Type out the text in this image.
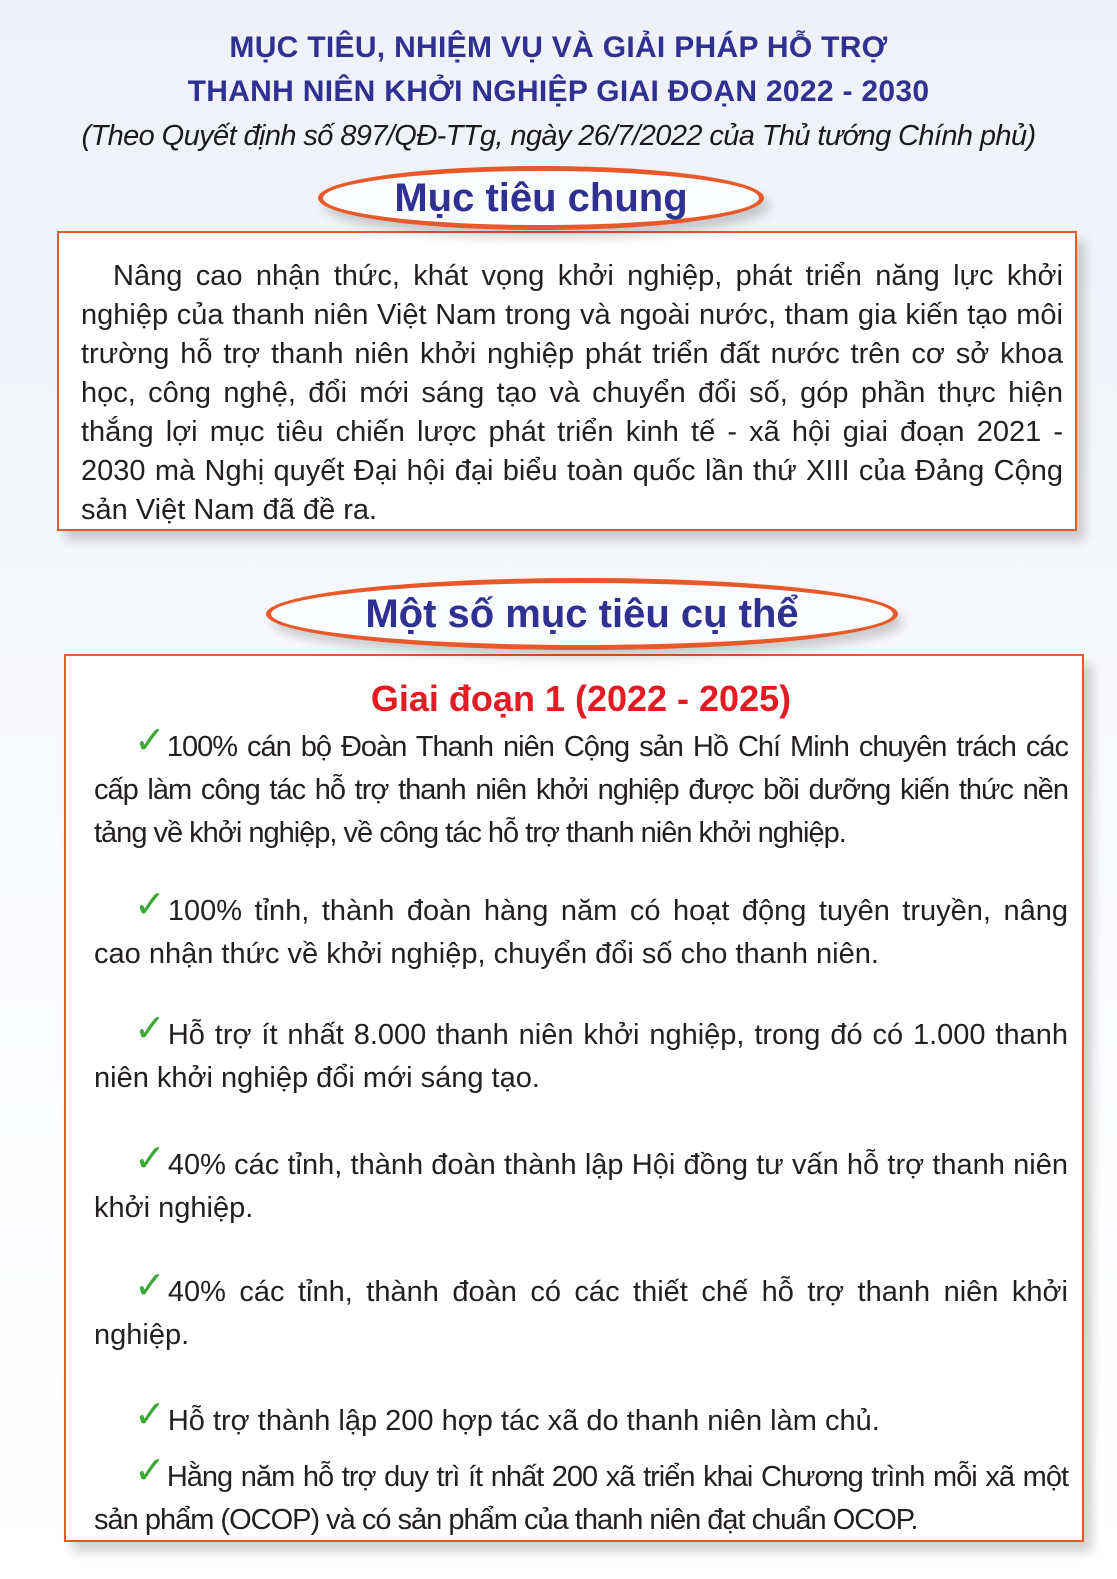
MỤC TIÊU, NHIỆM VỤ VÀ GIẢI PHÁP HỖ TRỢ

THANH NIÊN KHỞI NGHIỆP GIAI ĐOẠN 2022 - 2030

(Theo Quyết định số 897/QĐ-TTg, ngày 26/7/2022 của Thủ tướng Chính phủ)

Nâng cao nhận thức, khát vọng khởi nghiệp, phát triển năng lực khởi nghiệp của thanh niên Việt Nam trong và ngoài nước, tham gia kiến tạo môi trường hỗ trợ thanh niên khởi nghiệp phát triển đất nước trên cơ sở khoa học, công nghệ, đổi mới sáng tạo và chuyển đổi số, góp phần thực hiện thắng lợi mục tiêu chiến lược phát triển kinh tế - xã hội giai đoạn 2021 - 2030 mà Nghị quyết Đại hội đại biểu toàn quốc lần thứ XIII của Đảng Cộng sản Việt Nam đã đề ra.

Mục tiêu chung

Giai đoạn 1 (2022 - 2025)

✓100% cán bộ Đoàn Thanh niên Cộng sản Hồ Chí Minh chuyên trách các cấp làm công tác hỗ trợ thanh niên khởi nghiệp được bồi dưỡng kiến thức nền tảng về khởi nghiệp, về công tác hỗ trợ thanh niên khởi nghiệp.
✓100% tỉnh, thành đoàn hàng năm có hoạt động tuyên truyền, nâng cao nhận thức về khởi nghiệp, chuyển đổi số cho thanh niên.
✓Hỗ trợ ít nhất 8.000 thanh niên khởi nghiệp, trong đó có 1.000 thanh niên khởi nghiệp đổi mới sáng tạo.
✓40% các tỉnh, thành đoàn thành lập Hội đồng tư vấn hỗ trợ thanh niên khởi nghiệp.
✓40% các tỉnh, thành đoàn có các thiết chế hỗ trợ thanh niên khởi nghiệp.
✓Hỗ trợ thành lập 200 hợp tác xã do thanh niên làm chủ.
✓Hằng năm hỗ trợ duy trì ít nhất 200 xã triển khai Chương trình mỗi xã một sản phẩm (OCOP) và có sản phẩm của thanh niên đạt chuẩn OCOP.
Một số mục tiêu cụ thể
